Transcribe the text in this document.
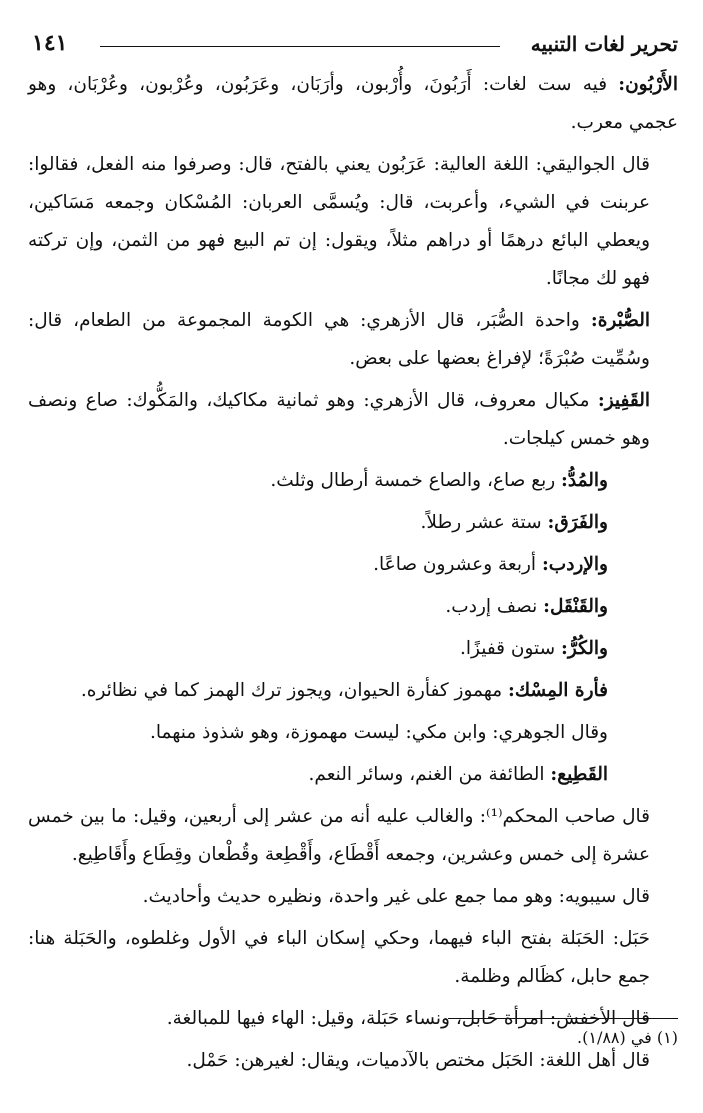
تحرير لغات التنبيه
١٤١

الأَرْبُون: فيه ست لغات: أَرَبُونَ، وأُرْبون، وأرَبَان، وعَرَبُون، وعُرْبون، وعُرْبَان، وهو عجمي معرب.

قال الجواليقي: اللغة العالية: عَرَبُون يعني بالفتح، قال: وصرفوا منه الفعل، فقالوا: عربنت في الشيء، وأعربت، قال: ويُسمَّى العربان: المُسْكان وجمعه مَسَاكين، ويعطي البائع درهمًا أو دراهم مثلاً، ويقول: إن تم البيع فهو من الثمن، وإن تركته فهو لك مجانًا.

الصُّبْرة: واحدة الصُّبَر، قال الأزهري: هي الكومة المجموعة من الطعام، قال: وسُمِّيت صُبْرَةً؛ لإفراغ بعضها على بعض.

القَفِيز: مكيال معروف، قال الأزهري: وهو ثمانية مكاكيك، والمَكُّوك: صاع ونصف وهو خمس كيلجات.

والمُدُّ: ربع صاع، والصاع خمسة أرطال وثلث.

والفَرَق: ستة عشر رطلاً.

والإردب: أربعة وعشرون صاعًا.

والقَنْقَل: نصف إردب.

والكُرُّ: ستون قفيزًا.

فأرة المِسْك: مهموز كفأرة الحيوان، ويجوز ترك الهمز كما في نظائره.

وقال الجوهري: وابن مكي: ليست مهموزة، وهو شذوذ منهما.

القَطِيع: الطائفة من الغنم، وسائر النعم.

قال صاحب المحكم⁽¹⁾: والغالب عليه أنه من عشر إلى أربعين، وقيل: ما بين خمس عشرة إلى خمس وعشرين، وجمعه أَقْطَاع، وأَقْطِعة وقُطْعان وقِطَاع وأَقَاطِيع.

قال سيبويه: وهو مما جمع على غير واحدة، ونظيره حديث وأحاديث.

حَبَل: الحَبَلة بفتح الباء فيهما، وحكي إسكان الباء في الأول وغلطوه، والحَبَلة هنا: جمع حابل، كظَالم وظلمة.

قال الأخفش: امرأة حَابل، ونساء حَبَلة، وقيل: الهاء فيها للمبالغة.

قال أهل اللغة: الحَبَل مختص بالآدميات، ويقال: لغيرهن: حَمْل.

(١) في (١/٨٨).
